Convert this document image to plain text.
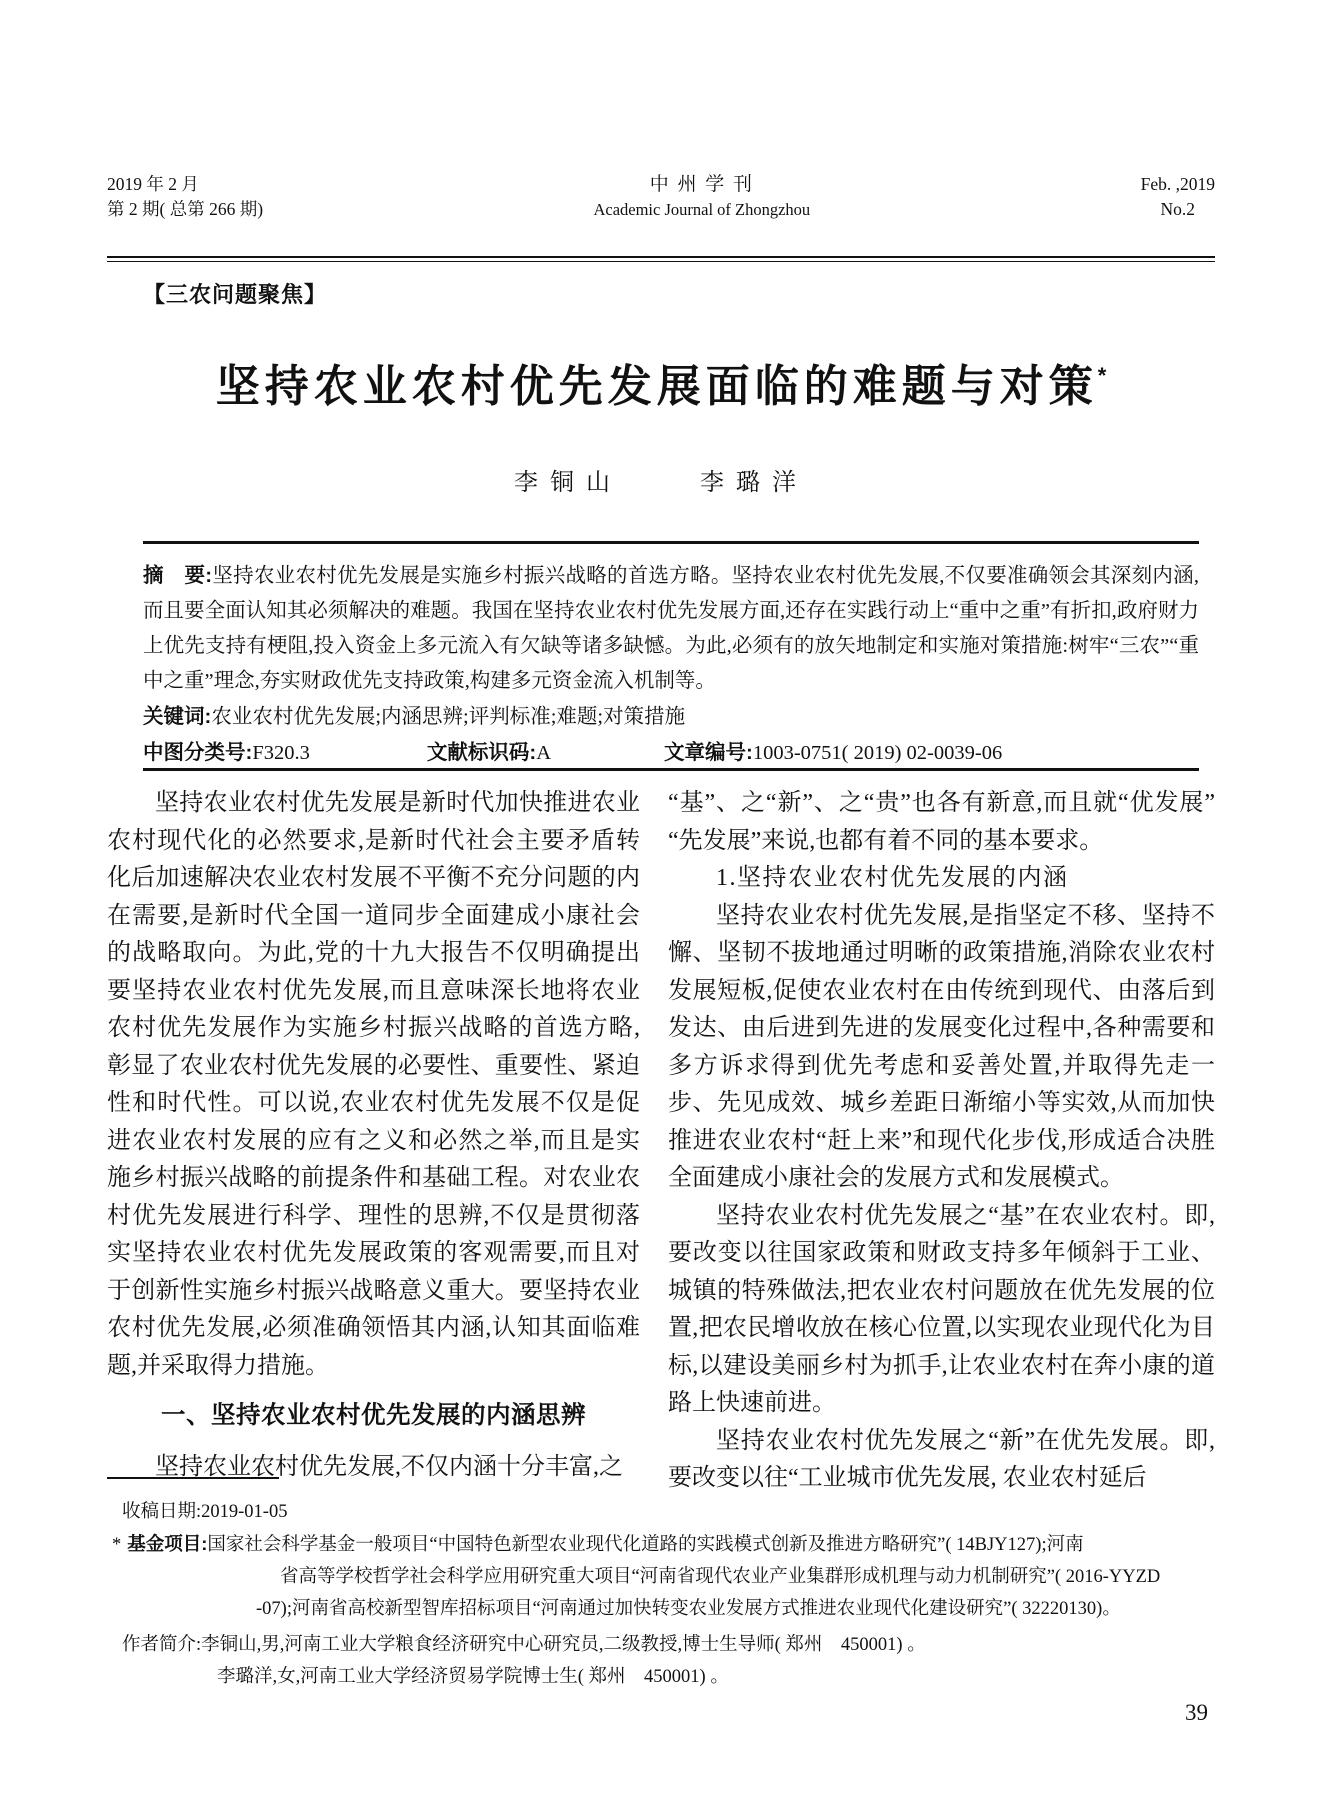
2019 年 2 月
第 2 期( 总第 266 期)
中 州 学 刊
Academic Journal of Zhongzhou
Feb. ,2019
No.2
【三农问题聚焦】
坚持农业农村优先发展面临的难题与对策*
李铜山	李璐洋

摘　要:坚持农业农村优先发展是实施乡村振兴战略的首选方略。坚持农业农村优先发展,不仅要准确领会其深刻内涵,而且要全面认知其必须解决的难题。我国在坚持农业农村优先发展方面,还存在实践行动上“重中之重”有折扣,政府财力上优先支持有梗阻,投入资金上多元流入有欠缺等诸多缺憾。为此,必须有的放矢地制定和实施对策措施:树牢“三农”“重中之重”理念,夯实财政优先支持政策,构建多元资金流入机制等。

关键词:农业农村优先发展;内涵思辨;评判标准;难题;对策措施

中图分类号:F320.3	文献标识码:A	文章编号:1003-0751( 2019) 02-0039-06

坚持农业农村优先发展是新时代加快推进农业农村现代化的必然要求,是新时代社会主要矛盾转化后加速解决农业农村发展不平衡不充分问题的内在需要,是新时代全国一道同步全面建成小康社会的战略取向。为此,党的十九大报告不仅明确提出要坚持农业农村优先发展,而且意味深长地将农业农村优先发展作为实施乡村振兴战略的首选方略,彰显了农业农村优先发展的必要性、重要性、紧迫性和时代性。可以说,农业农村优先发展不仅是促进农业农村发展的应有之义和必然之举,而且是实施乡村振兴战略的前提条件和基础工程。对农业农村优先发展进行科学、理性的思辨,不仅是贯彻落实坚持农业农村优先发展政策的客观需要,而且对于创新性实施乡村振兴战略意义重大。要坚持农业农村优先发展,必须准确领悟其内涵,认知其面临难题,并采取得力措施。

一、坚持农业农村优先发展的内涵思辨

坚持农业农村优先发展,不仅内涵十分丰富,之

“基”、之“新”、之“贵”也各有新意,而且就“优发展”“先发展”来说,也都有着不同的基本要求。

1.坚持农业农村优先发展的内涵

坚持农业农村优先发展,是指坚定不移、坚持不懈、坚韧不拔地通过明晰的政策措施,消除农业农村发展短板,促使农业农村在由传统到现代、由落后到发达、由后进到先进的发展变化过程中,各种需要和多方诉求得到优先考虑和妥善处置,并取得先走一步、先见成效、城乡差距日渐缩小等实效,从而加快推进农业农村“赶上来”和现代化步伐,形成适合决胜全面建成小康社会的发展方式和发展模式。

坚持农业农村优先发展之“基”在农业农村。即,要改变以往国家政策和财政支持多年倾斜于工业、城镇的特殊做法,把农业农村问题放在优先发展的位置,把农民增收放在核心位置,以实现农业现代化为目标,以建设美丽乡村为抓手,让农业农村在奔小康的道路上快速前进。

坚持农业农村优先发展之“新”在优先发展。即,要改变以往“工业城市优先发展, 农业农村延后

收稿日期:2019-01-05
* 基金项目:国家社会科学基金一般项目“中国特色新型农业现代化道路的实践模式创新及推进方略研究”( 14BJY127);河南
省高等学校哲学社会科学应用研究重大项目“河南省现代农业产业集群形成机理与动力机制研究”( 2016-YYZD
-07);河南省高校新型智库招标项目“河南通过加快转变农业发展方式推进农业现代化建设研究”( 32220130)。
作者简介:李铜山,男,河南工业大学粮食经济研究中心研究员,二级教授,博士生导师( 郑州　450001) 。
李璐洋,女,河南工业大学经济贸易学院博士生( 郑州　450001) 。
39
